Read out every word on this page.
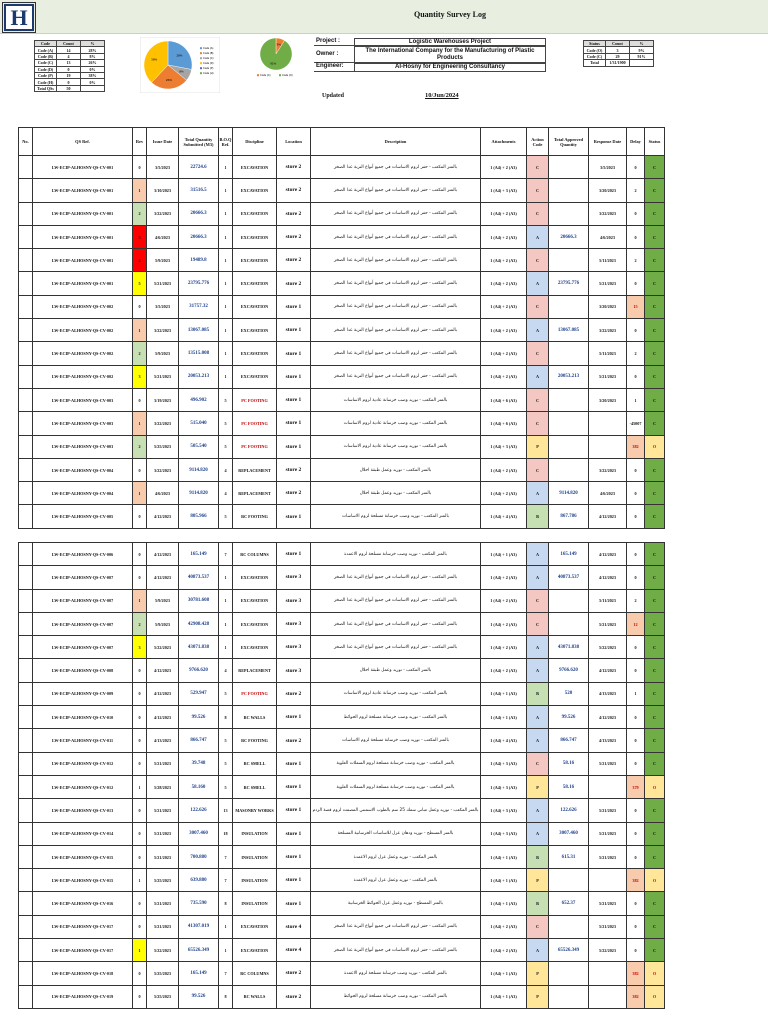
H	Quantity Survey Log
Code	Count	%
Code (A)	14	28%
Code (B)	4	8%
Code (C)	13	26%
Code (D)	0	0%
Code (P)	19	38%
Code (H)	0	0%
Total QSs	50	
28%
8%
26%
38%
Code (A)
Code (B)
Code (C)
Code (D)
Code (P)
Code (H)
9%
91%
Code (C)	Code (O)
Project :	Logistic Warehouses Project
Owner :
The International Company for the Manufacturing of Plastic Products
Engineer:	Al-Hosny for Engineering Consultancy
Status	Count	%
Code (O)	3	9%
Code (C)	29	91%
Total	1/31/1900	
Updated	10/Jun/2024
No.	QS Ref.	Rev	Issue Date	Total Quantity Submitted (M3)	B.O.Q Ref.	Discipline	Location	Description	Attachments	Action Code	Total Approved Quantity	Response Date	Delay	Status
	LW-ECIP-ALHOSNY-QS-CV-001	0	3/5/2023	22724.6	1	EXCAVATION	store 2	بالمتر المكعب - حفر لزوم الاساسات في جميع أنواع التربة عدا الصخر	1 (A4) + 2 (A3)	C		3/5/2023	0	C
	LW-ECIP-ALHOSNY-QS-CV-001	1	3/10/2023	31516.5	1	EXCAVATION	store 2	بالمتر المكعب - حفر لزوم الاساسات في جميع أنواع التربة عدا الصخر	1 (A4) + 3 (A3)	C		3/20/2023	2	C
	LW-ECIP-ALHOSNY-QS-CV-001	2	3/22/2023	20666.3	1	EXCAVATION	store 2	بالمتر المكعب - حفر لزوم الاساسات في جميع أنواع التربة عدا الصخر	1 (A4) + 2 (A3)	C		3/22/2023	0	C
	LW-ECIP-ALHOSNY-QS-CV-001	3	4/6/2023	20666.3	1	EXCAVATION	store 2	بالمتر المكعب - حفر لزوم الاساسات في جميع أنواع التربة عدا الصخر	1 (A4) + 2 (A3)	A	20666.3	4/6/2023	0	C
	LW-ECIP-ALHOSNY-QS-CV-001	4	5/9/2023	19489.8	1	EXCAVATION	store 2	بالمتر المكعب - حفر لزوم الاساسات في جميع أنواع التربة عدا الصخر	1 (A4) + 2 (A3)	C		5/11/2023	2	C
	LW-ECIP-ALHOSNY-QS-CV-001	5	5/21/2023	23795.776	1	EXCAVATION	store 2	بالمتر المكعب - حفر لزوم الاساسات في جميع أنواع التربة عدا الصخر	1 (A4) + 2 (A3)	A	23795.776	5/21/2023	0	C
	LW-ECIP-ALHOSNY-QS-CV-002	0	3/5/2023	31757.32	1	EXCAVATION	store 1	بالمتر المكعب - حفر لزوم الاساسات في جميع أنواع التربة عدا الصخر	1 (A4) + 2 (A3)	C		3/20/2023	15	C
	LW-ECIP-ALHOSNY-QS-CV-002	1	3/22/2023	13067.085	1	EXCAVATION	store 1	بالمتر المكعب - حفر لزوم الاساسات في جميع أنواع التربة عدا الصخر	1 (A4) + 2 (A3)	A	13067.085	3/22/2023	0	C
	LW-ECIP-ALHOSNY-QS-CV-002	2	5/9/2023	13515.008	1	EXCAVATION	store 1	بالمتر المكعب - حفر لزوم الاساسات في جميع أنواع التربة عدا الصخر	1 (A4) + 2 (A3)	C		5/11/2023	2	C
	LW-ECIP-ALHOSNY-QS-CV-002	3	5/21/2023	20053.213	1	EXCAVATION	store 1	بالمتر المكعب - حفر لزوم الاساسات في جميع أنواع التربة عدا الصخر	1 (A4) + 2 (A3)	A	20053.213	5/21/2023	0	C
	LW-ECIP-ALHOSNY-QS-CV-003	0	3/19/2023	496.902	5	PC FOOTING	store 1	بالمتر المكعب - توريد وصب خرسانة عادية لزوم الاساسات	1 (A4) + 6 (A3)	C		3/20/2023	1	C
	LW-ECIP-ALHOSNY-QS-CV-003	1	3/22/2023	515.040	5	PC FOOTING	store 1	بالمتر المكعب - توريد وصب خرسانة عادية لزوم الاساسات	1 (A4) + 6 (A3)	C			-45007	C
	LW-ECIP-ALHOSNY-QS-CV-003	2	5/25/2023	505.540	5	PC FOOTING	store 1	بالمتر المكعب - توريد وصب خرسانة عادية لزوم الاساسات	1 (A4) + 3 (A3)	P			382	O
	LW-ECIP-ALHOSNY-QS-CV-004	0	3/22/2023	9114.820	4	REPLACEMENT	store 2	بالمتر المكعب - توريد وعمل طبقة احلال	1 (A4) + 2 (A3)	C		3/22/2023	0	C
	LW-ECIP-ALHOSNY-QS-CV-004	1	4/6/2023	9114.820	4	REPLACEMENT	store 2	بالمتر المكعب - توريد وعمل طبقة احلال	1 (A4) + 2 (A3)	A	9114.820	4/6/2023	0	C
	LW-ECIP-ALHOSNY-QS-CV-005	0	4/12/2023	805.966	5	RC FOOTING	store 1	بالمتر المكعب - توريد وصب خرسانة مسلحة لزوم الاساسات	1 (A4) + 4 (A3)	B	867.786	4/12/2023	0	C
	LW-ECIP-ALHOSNY-QS-CV-006	0	4/12/2023	165.149	7	RC COLUMNS	store 1	بالمتر المكعب - توريد وصب خرسانة مسلحة لزوم الاعمدة	1 (A4) + 1 (A3)	A	165.149	4/12/2023	0	C
	LW-ECIP-ALHOSNY-QS-CV-007	0	4/12/2023	40873.537	1	EXCAVATION	store 3	بالمتر المكعب - حفر لزوم الاساسات في جميع أنواع التربة عدا الصخر	1 (A4) + 2 (A3)	A	40873.537	4/12/2023	0	C
	LW-ECIP-ALHOSNY-QS-CV-007	1	5/9/2023	30781.608	1	EXCAVATION	store 3	بالمتر المكعب - حفر لزوم الاساسات في جميع أنواع التربة عدا الصخر	1 (A4) + 2 (A3)	C		5/11/2023	2	C
	LW-ECIP-ALHOSNY-QS-CV-007	2	5/9/2023	42908.428	1	EXCAVATION	store 3	بالمتر المكعب - حفر لزوم الاساسات في جميع أنواع التربة عدا الصخر	1 (A4) + 2 (A3)	C		5/21/2023	12	C
	LW-ECIP-ALHOSNY-QS-CV-007	3	5/22/2023	43071.838	1	EXCAVATION	store 3	بالمتر المكعب - حفر لزوم الاساسات في جميع أنواع التربة عدا الصخر	1 (A4) + 2 (A3)	A	43071.838	5/22/2023	0	C
	LW-ECIP-ALHOSNY-QS-CV-008	0	4/12/2023	9766.620	4	REPLACEMENT	store 3	بالمتر المكعب - توريد وعمل طبقة احلال	1 (A4) + 2 (A3)	A	9766.620	4/12/2023	0	C
	LW-ECIP-ALHOSNY-QS-CV-009	0	4/12/2023	529.947	5	PC FOOTING	store 2	بالمتر المكعب - توريد وصب خرسانة عادية لزوم الاساسات	1 (A4) + 1 (A3)	B	520	4/13/2023	1	C
	LW-ECIP-ALHOSNY-QS-CV-010	0	4/12/2023	99.526	8	RC WALLS	store 1	بالمتر المكعب - توريد وصب خرسانة مسلحة لزوم الحوائط	1 (A4) + 1 (A3)	A	99.526	4/12/2023	0	C
	LW-ECIP-ALHOSNY-QS-CV-011	0	4/13/2023	866.747	5	RC FOOTING	store 2	بالمتر المكعب - توريد وصب خرسانة مسلحة لزوم الاساسات	1 (A4) + 4 (A3)	A	866.747	4/13/2023	0	C
	LW-ECIP-ALHOSNY-QS-CV-012	0	5/21/2023	39.748	5	RC SMELL	store 1	بالمتر المكعب - توريد وصب خرسانة مسلحة لزوم السملات العلوية	1 (A4) + 3 (A3)	C	58.16	5/21/2023	0	C
	LW-ECIP-ALHOSNY-QS-CV-012	1	5/28/2023	58.160	5	RC SMELL	store 1	بالمتر المكعب - توريد وصب خرسانة مسلحة لزوم السملات العلوية	1 (A4) + 3 (A3)	P	58.16		379	O
	LW-ECIP-ALHOSNY-QS-CV-013	0	5/21/2023	122.626	13	MASONRY WORKS	store 1	بالمتر المكعب - توريد وعمل مباني سمك 25 سم بالطوب الاسمنتي المصمت لزوم قصة الردم	1 (A4) + 3 (A3)	A	122.626	5/21/2023	0	C
	LW-ECIP-ALHOSNY-QS-CV-014	0	5/21/2023	3007.460	18	INSULATION	store 1	بالمتر المسطح - توريد ودهان عزل للاساسات الخرسانية المسلحة	1 (A4) + 3 (A3)	A	3007.460	5/21/2023	0	C
	LW-ECIP-ALHOSNY-QS-CV-015	0	5/21/2023	700.880	7	INSULATION	store 1	بالمتر المكعب - توريد وعمل عزل لزوم الاعمدة	1 (A4) + 1 (A3)	B	615.31	5/21/2023	0	C
	LW-ECIP-ALHOSNY-QS-CV-015	1	5/25/2023	639.880	7	INSULATION	store 1	بالمتر المكعب - توريد وعمل عزل لزوم الاعمدة	1 (A4) + 1 (A3)	P			382	O
	LW-ECIP-ALHOSNY-QS-CV-016	0	5/21/2023	735.590	8	INSULATION	store 1	بالمتر المسطح - توريد وعمل عزل الحوائط الخرسانية	1 (A4) + 1 (A3)	B	652.37	5/21/2023	0	C
	LW-ECIP-ALHOSNY-QS-CV-017	0	5/21/2023	41307.019	1	EXCAVATION	store 4	بالمتر المكعب - حفر لزوم الاساسات في جميع أنواع التربة عدا الصخر	1 (A4) + 2 (A3)	C		5/21/2023	0	C
	LW-ECIP-ALHOSNY-QS-CV-017	1	5/22/2023	65526.349	1	EXCAVATION	store 4	بالمتر المكعب - حفر لزوم الاساسات في جميع أنواع التربة عدا الصخر	1 (A4) + 2 (A3)	A	65526.349	5/22/2023	0	C
	LW-ECIP-ALHOSNY-QS-CV-018	0	5/25/2023	165.149	7	RC COLUMNS	store 2	بالمتر المكعب - توريد وصب خرسانة مسلحة لزوم الاعمدة	1 (A4) + 1 (A3)	P			382	O
	LW-ECIP-ALHOSNY-QS-CV-019	0	5/25/2023	99.526	8	RC WALLS	store 2	بالمتر المكعب - توريد وصب خرسانة مسلحة لزوم الحوائط	1 (A4) + 1 (A3)	P			382	O
